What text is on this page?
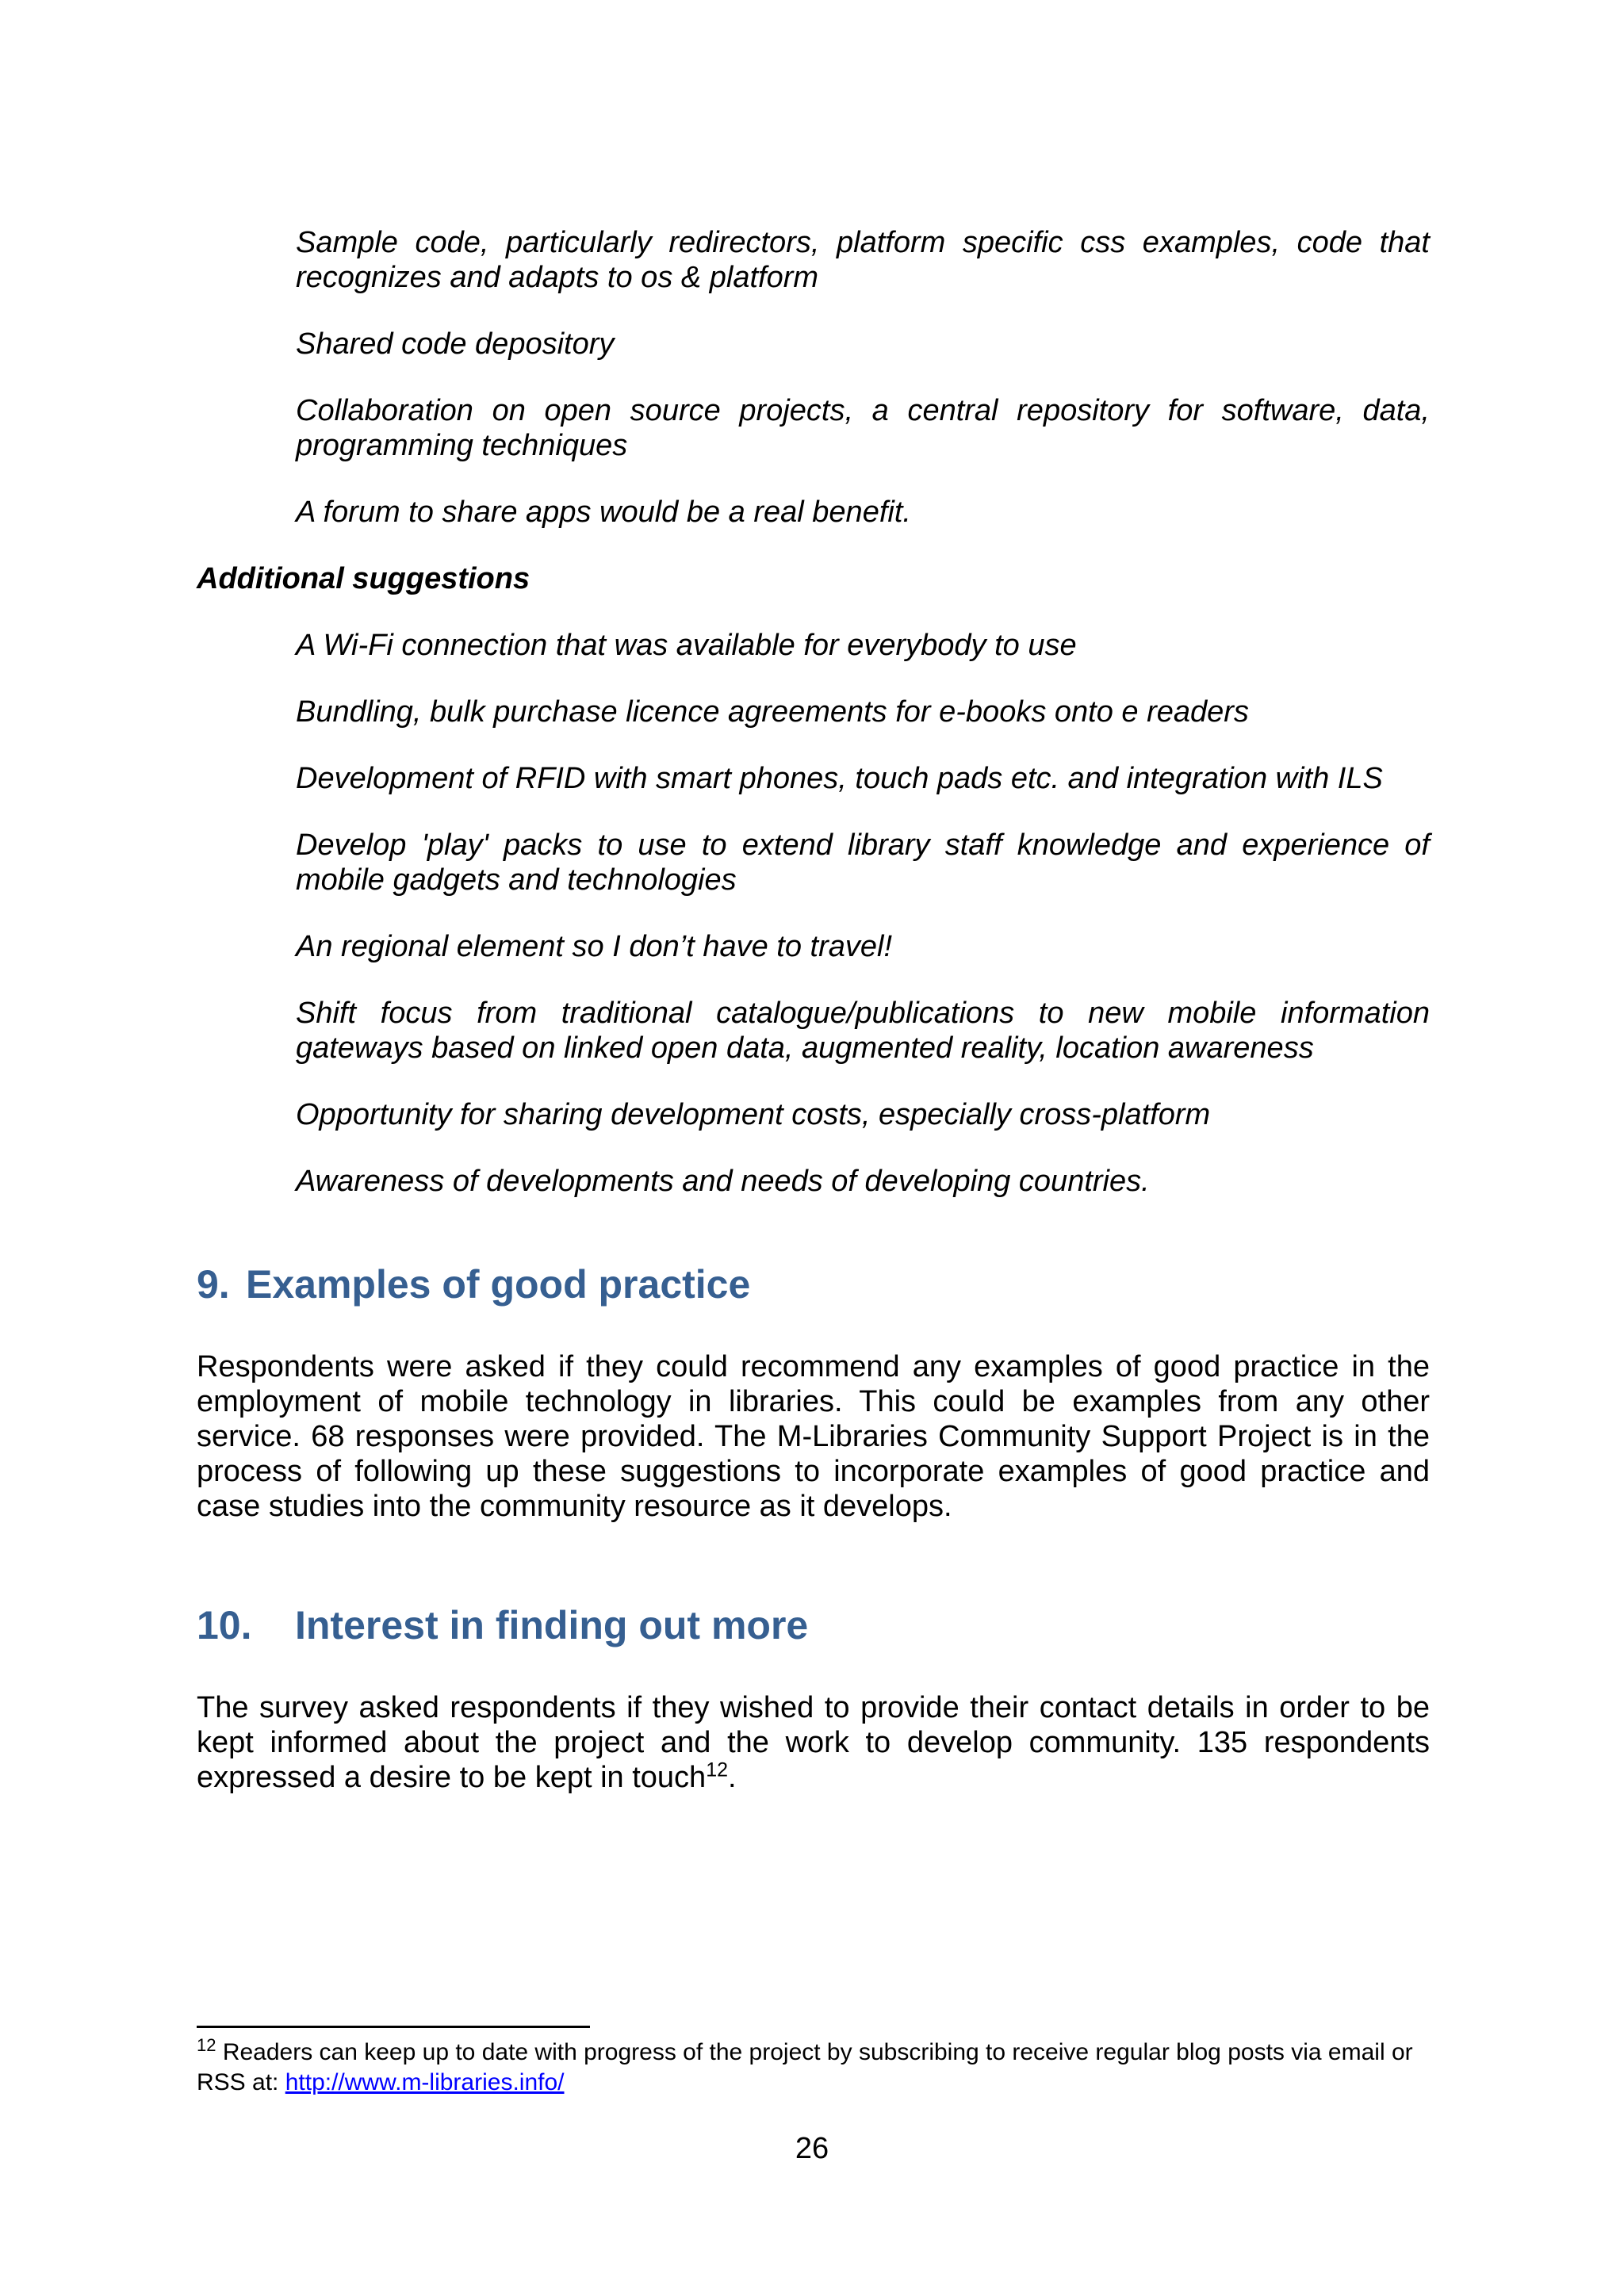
Sample code, particularly redirectors, platform specific css examples, code that recognizes and adapts to os & platform

Shared code depository

Collaboration on open source projects, a central repository for software, data, programming techniques

A forum to share apps would be a real benefit.

Additional suggestions

A Wi-Fi connection that was available for everybody to use

Bundling, bulk purchase licence agreements for e-books onto e readers

Development of RFID with smart phones, touch pads etc. and integration with ILS

Develop 'play' packs to use to extend library staff knowledge and experience of mobile gadgets and technologies

An regional element so I don’t have to travel!

Shift focus from traditional catalogue/publications to new mobile information gateways based on linked open data, augmented reality, location awareness

Opportunity for sharing development costs, especially cross-platform

Awareness of developments and needs of developing countries.

9. Examples of good practice

Respondents were asked if they could recommend any examples of good practice in the employment of mobile technology in libraries. This could be examples from any other service. 68 responses were provided. The M-Libraries Community Support Project is in the process of following up these suggestions to incorporate examples of good practice and case studies into the community resource as it develops.

10.	Interest in finding out more

The survey asked respondents if they wished to provide their contact details in order to be kept informed about the project and the work to develop community. 135 respondents expressed a desire to be kept in touch$^{12}$.

$^{12}$ Readers can keep up to date with progress of the project by subscribing to receive regular blog posts via email or RSS at: http://www.m-libraries.info/
26
